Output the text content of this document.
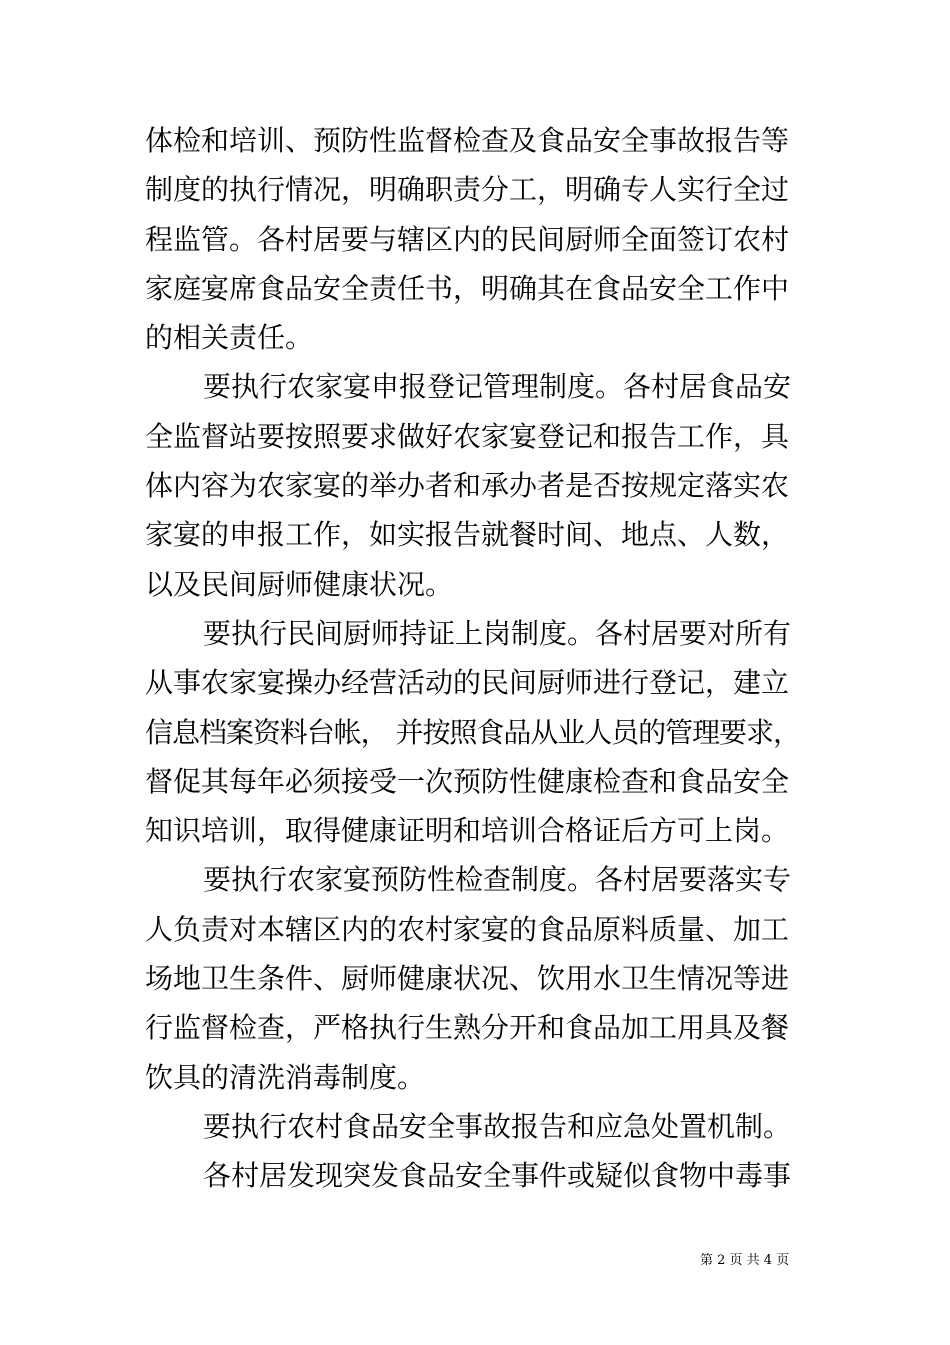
体检和培训、预防性监督检查及食品安全事故报告等
制度的执行情况，明确职责分工，明确专人实行全过
程监管。各村居要与辖区内的民间厨师全面签订农村
家庭宴席食品安全责任书，明确其在食品安全工作中
的相关责任。
要执行农家宴申报登记管理制度。各村居食品安
全监督站要按照要求做好农家宴登记和报告工作，具
体内容为农家宴的举办者和承办者是否按规定落实农
家宴的申报工作，如实报告就餐时间、地点、人数，
以及民间厨师健康状况。
要执行民间厨师持证上岗制度。各村居要对所有
从事农家宴操办经营活动的民间厨师进行登记，建立
信息档案资料台帐， 并按照食品从业人员的管理要求，
督促其每年必须接受一次预防性健康检查和食品安全
知识培训，取得健康证明和培训合格证后方可上岗。
要执行农家宴预防性检查制度。各村居要落实专
人负责对本辖区内的农村家宴的食品原料质量、加工
场地卫生条件、厨师健康状况、饮用水卫生情况等进
行监督检查，严格执行生熟分开和食品加工用具及餐
饮具的清洗消毒制度。
要执行农村食品安全事故报告和应急处置机制。
各村居发现突发食品安全事件或疑似食物中毒事
第 2 页 共 4 页
